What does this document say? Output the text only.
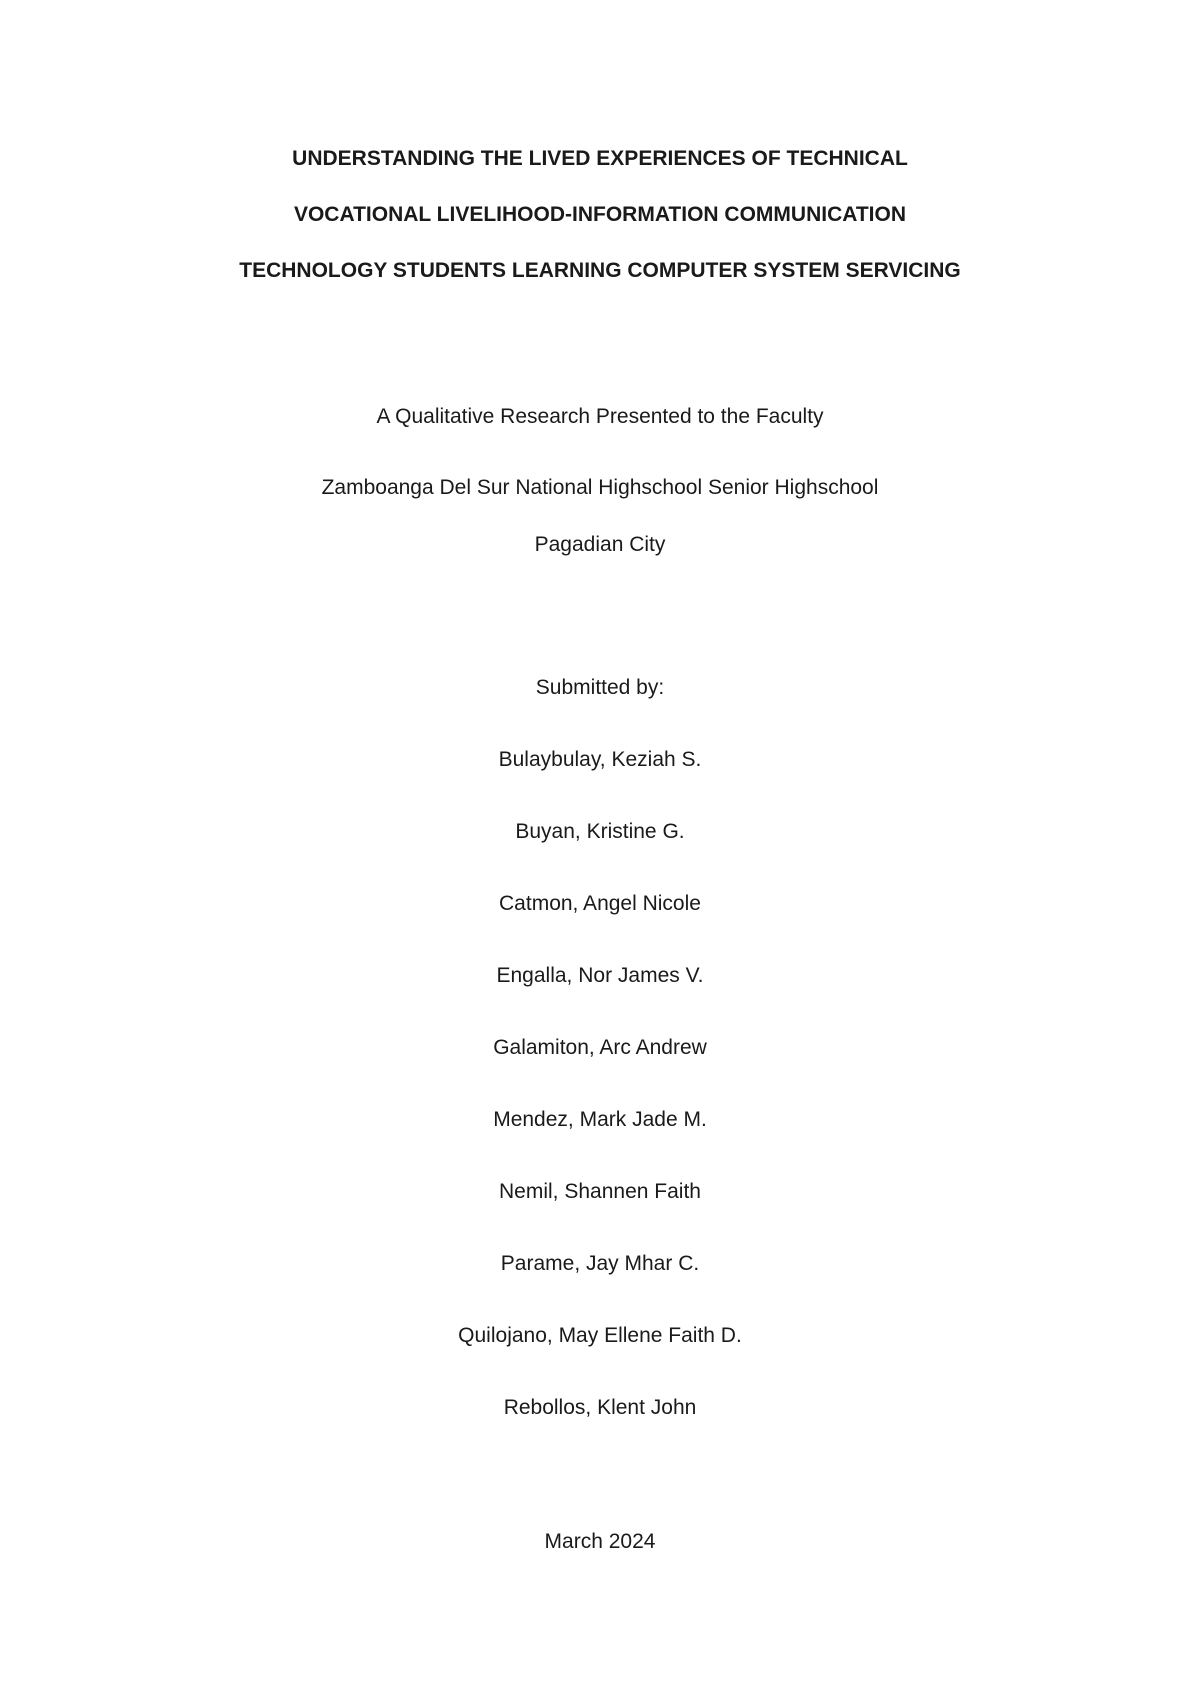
UNDERSTANDING THE LIVED EXPERIENCES OF TECHNICAL
VOCATIONAL LIVELIHOOD-INFORMATION COMMUNICATION
TECHNOLOGY STUDENTS LEARNING COMPUTER SYSTEM SERVICING
A Qualitative Research Presented to the Faculty
Zamboanga Del Sur National Highschool Senior Highschool
Pagadian City
Submitted by:
Bulaybulay, Keziah S.
Buyan, Kristine G.
Catmon, Angel Nicole
Engalla, Nor James V.
Galamiton, Arc Andrew
Mendez, Mark Jade M.
Nemil, Shannen Faith
Parame, Jay Mhar C.
Quilojano, May Ellene Faith D.
Rebollos, Klent John
March 2024
